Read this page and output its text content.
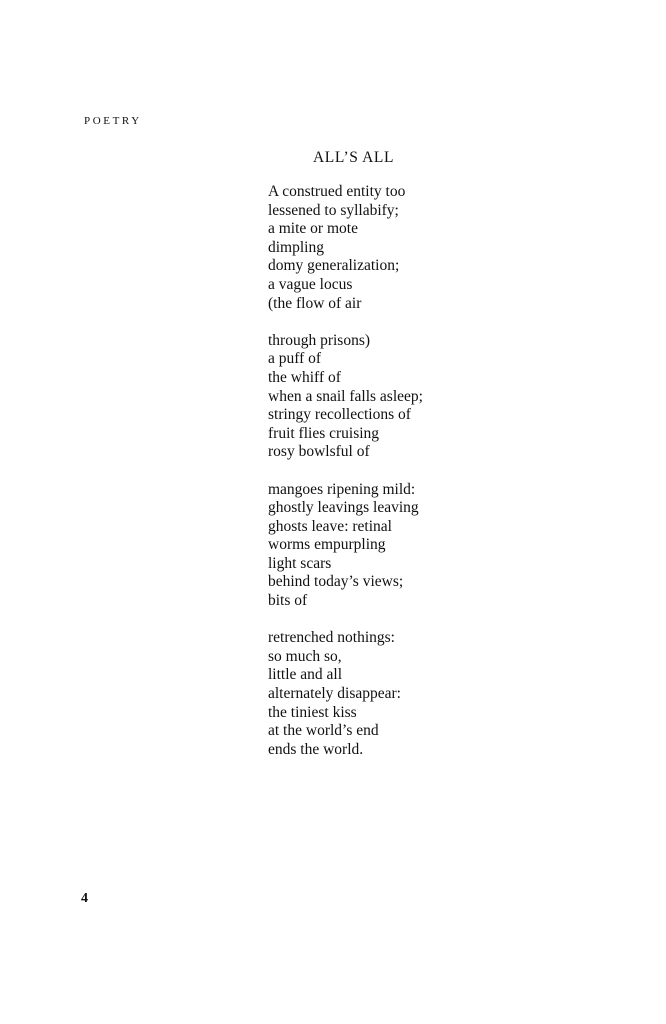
POETRY
ALL’S ALL
A construed entity too
lessened to syllabify;
a mite or mote
dimpling
domy generalization;
a vague locus
(the flow of air
through prisons)
a puff of
the whiff of
when a snail falls asleep;
stringy recollections of
fruit flies cruising
rosy bowlsful of
mangoes ripening mild:
ghostly leavings leaving
ghosts leave: retinal
worms empurpling
light scars
behind today’s views;
bits of
retrenched nothings:
so much so,
little and all
alternately disappear:
the tiniest kiss
at the world’s end
ends the world.
4
